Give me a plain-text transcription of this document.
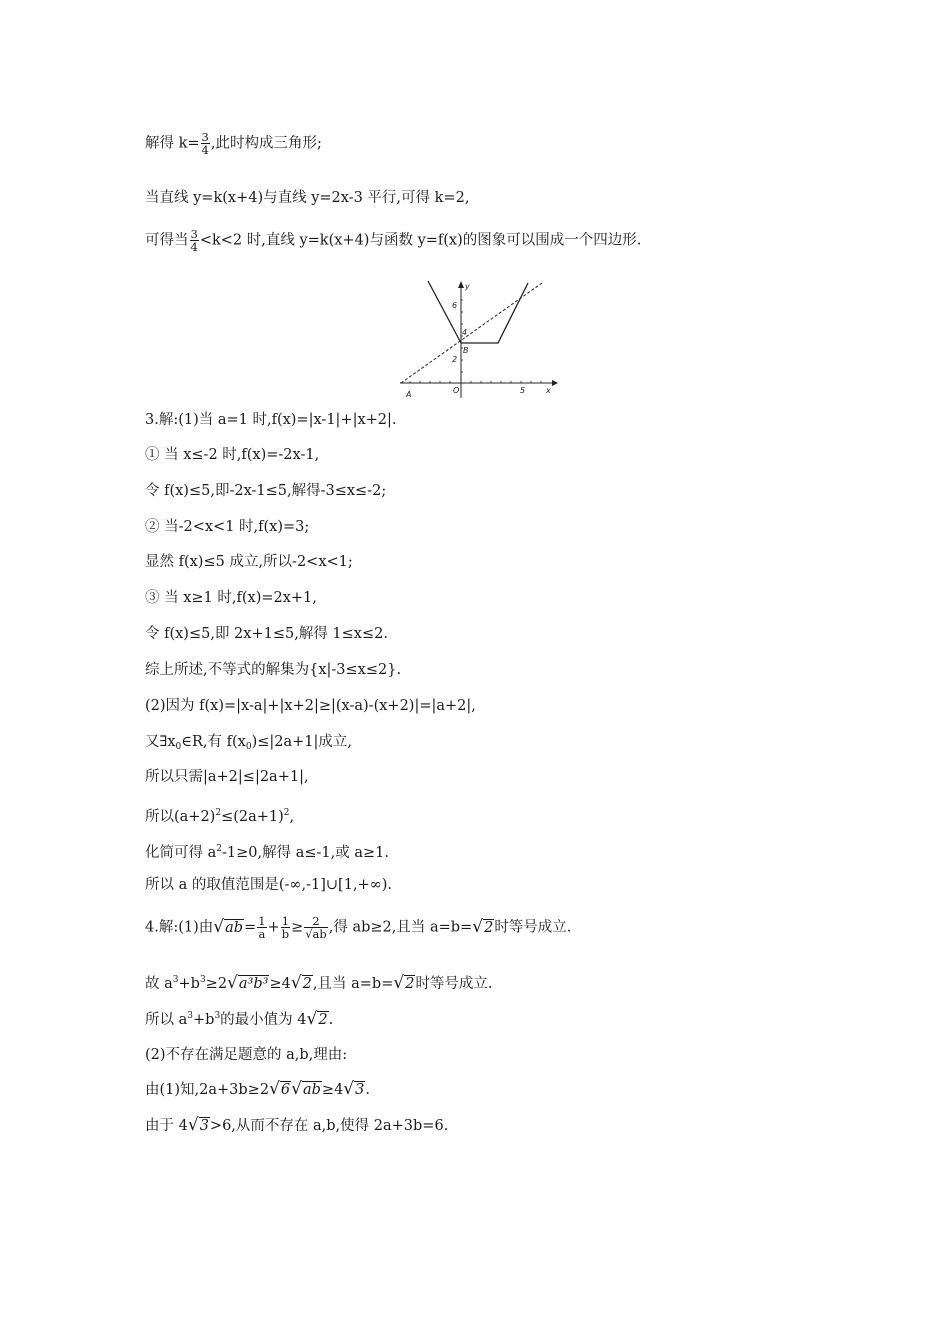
解得 $k= \frac{3}{4}$ ,此时构成三角形;
当直线 y=k(x+4)与直线 y=2x-3 平行,可得 k=2,
可得当 $\frac{3}{4} <k<2$ 时,直线 y=k(x+4)与函数 y=f(x)的图象可以围成一个四边形.
y
x
O
A
B
6
4
2
5
3.解:(1)当 a=1 时,f(x)=|x-1|+|x+2|.
① 当 x≤-2 时,f(x)=-2x-1,
令 f(x)≤5,即-2x-1≤5,解得-3≤x≤-2;
② 当-2<x<1 时,f(x)=3;
显然 f(x)≤5 成立,所以-2<x<1;
③ 当 x≥1 时,f(x)=2x+1,
令 f(x)≤5,即 2x+1≤5,解得 1≤x≤2.
综上所述,不等式的解集为{x|-3≤x≤2}.
(2)因为 f(x)=|x-a|+|x+2|≥|(x-a)-(x+2)|=|a+2|,
又$\exists x_0\in R$,有 $f(x_0)\le|2a+1|$成立,
所以只需|a+2|≤|2a+1|,
所以$(a+2)^2\le(2a+1)^2$,
化简可得 $a^2-1\ge 0$,解得 a≤-1,或 a≥1.
所以 a 的取值范围是(-∞,-1]∪[1,+∞).
4.解:(1)由$√ab= \frac{1}{a} + \frac{1}{b} \ge \frac{2}{√ab}$ ,得 ab≥2,且当 a=b=√2时等号成立.
故 $a^3+b^3\ge 2√a^3b^3\ge 4√2$,且当 a=b=√2时等号成立.
所以 $a^3+b^3$的最小值为 4√2.
(2)不存在满足题意的 a,b,理由:
由(1)知,2a+3b≥2√6√ab≥4√3.
由于 4√3>6,从而不存在 a,b,使得 2a+3b=6.
